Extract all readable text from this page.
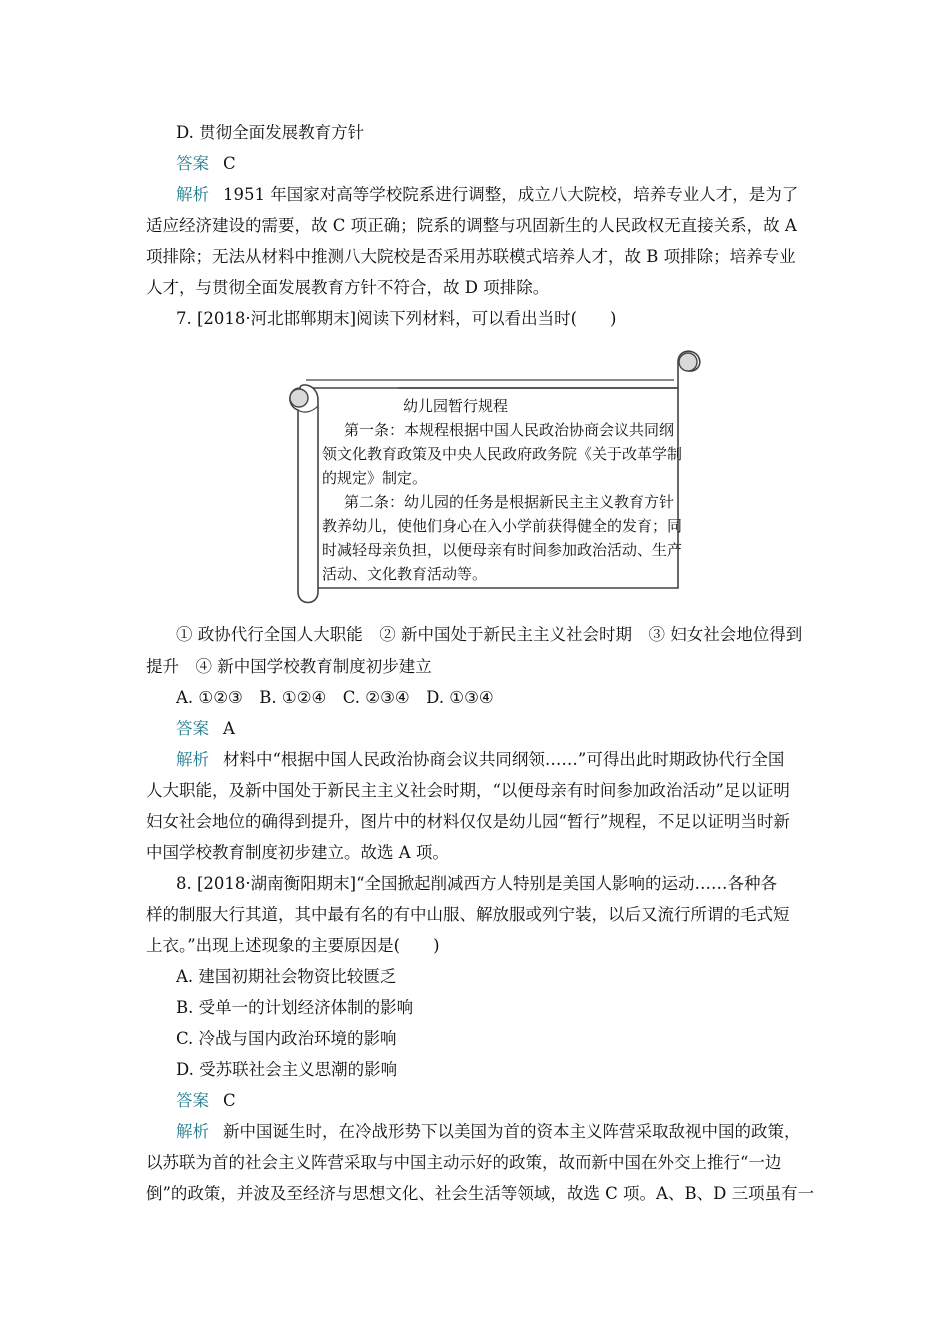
D. 贯彻全面发展教育方针
答案 C
解析 1951 年国家对高等学校院系进行调整，成立八大院校，培养专业人才，是为了
适应经济建设的需要，故 C 项正确；院系的调整与巩固新生的人民政权无直接关系，故 A
项排除；无法从材料中推测八大院校是否采用苏联模式培养人才，故 B 项排除；培养专业
人才，与贯彻全面发展教育方针不符合，故 D 项排除。
7. [2018·河北邯郸期末]阅读下列材料，可以看出当时(　　)
幼儿园暂行规程
第一条：本规程根据中国人民政治协商会议共同纲
领文化教育政策及中央人民政府政务院《关于改革学制
的规定》制定。
第二条：幼儿园的任务是根据新民主主义教育方针
教养幼儿，使他们身心在入小学前获得健全的发育；同
时减轻母亲负担，以便母亲有时间参加政治活动、生产
活动、文化教育活动等。
① 政协代行全国人大职能　② 新中国处于新民主主义社会时期　③ 妇女社会地位得到
提升　④ 新中国学校教育制度初步建立
A. ①②③　B. ①②④　C. ②③④　D. ①③④
答案 A
解析 材料中“根据中国人民政治协商会议共同纲领……”可得出此时期政协代行全国
人大职能，及新中国处于新民主主义社会时期，“以便母亲有时间参加政治活动”足以证明
妇女社会地位的确得到提升，图片中的材料仅仅是幼儿园“暂行”规程，不足以证明当时新
中国学校教育制度初步建立。故选 A 项。
8. [2018·湖南衡阳期末]“全国掀起削减西方人特别是美国人影响的运动……各种各
样的制服大行其道，其中最有名的有中山服、解放服或列宁装，以后又流行所谓的毛式短
上衣。”出现上述现象的主要原因是(　　)
A. 建国初期社会物资比较匮乏
B. 受单一的计划经济体制的影响
C. 冷战与国内政治环境的影响
D. 受苏联社会主义思潮的影响
答案 C
解析 新中国诞生时，在冷战形势下以美国为首的资本主义阵营采取敌视中国的政策，
以苏联为首的社会主义阵营采取与中国主动示好的政策，故而新中国在外交上推行“一边
倒”的政策，并波及至经济与思想文化、社会生活等领域，故选 C 项。A、B、D 三项虽有一
